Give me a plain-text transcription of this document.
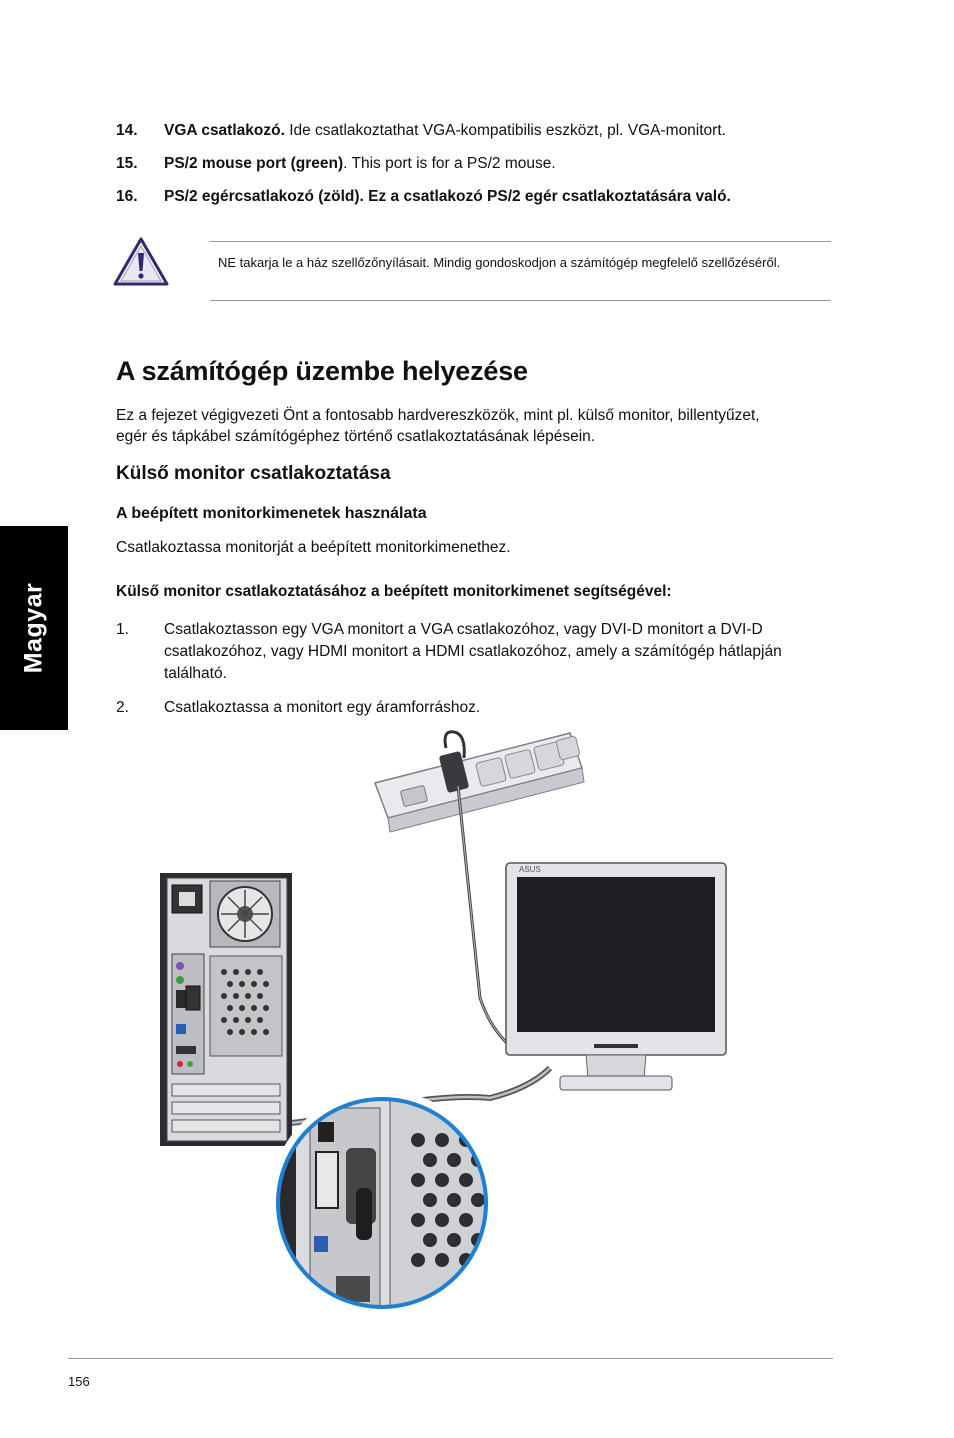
Magyar
14. VGA csatlakozó. Ide csatlakoztathat VGA-kompatibilis eszközt, pl. VGA-monitort.
15. PS/2 mouse port (green). This port is for a PS/2 mouse.
16. PS/2 egércsatlakozó (zöld). Ez a csatlakozó PS/2 egér csatlakoztatására való.
NE takarja le a ház szellőzőnyílásait. Mindig gondoskodjon a számítógép megfelelő szellőzéséről.
A számítógép üzembe helyezése
Ez a fejezet végigvezeti Önt a fontosabb hardvereszközök, mint pl. külső monitor, billentyűzet, egér és tápkábel számítógéphez történő csatlakoztatásának lépésein.
Külső monitor csatlakoztatása
A beépített monitorkimenetek használata
Csatlakoztassa monitorját a beépített monitorkimenethez.
Külső monitor csatlakoztatásához a beépített monitorkimenet segítségével:
1. Csatlakoztasson egy VGA monitort a VGA csatlakozóhoz, vagy DVI-D monitort a DVI-D csatlakozóhoz, vagy HDMI monitort a HDMI csatlakozóhoz, amely a számítógép hátlapján található.
2. Csatlakoztassa a monitort egy áramforráshoz.
ASUS
156
